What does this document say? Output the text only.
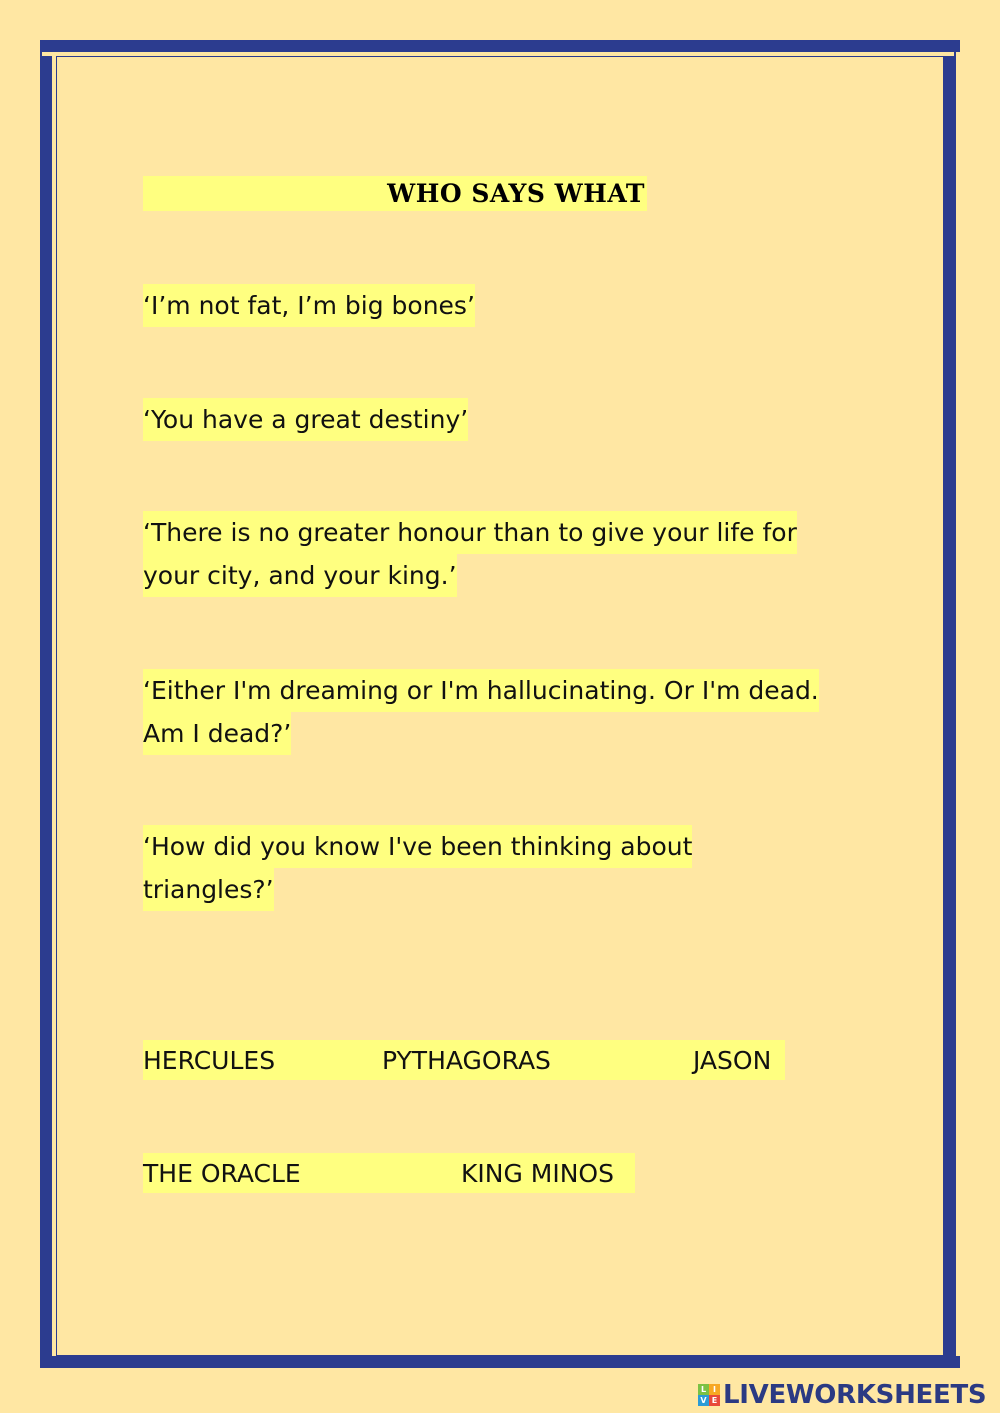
WHO SAYS WHAT
‘I’m not fat, I’m big bones’
‘You have a great destiny’
‘There is no greater honour than to give your life for
your city, and your king.’
‘Either I'm dreaming or I'm hallucinating. Or I'm dead.
Am I dead?’
‘How did you know I've been thinking about
triangles?’
HERCULES	PYTHAGORAS	JASON
THE ORACLE	KING MINOS
L I
V E LIVEWORKSHEETS
